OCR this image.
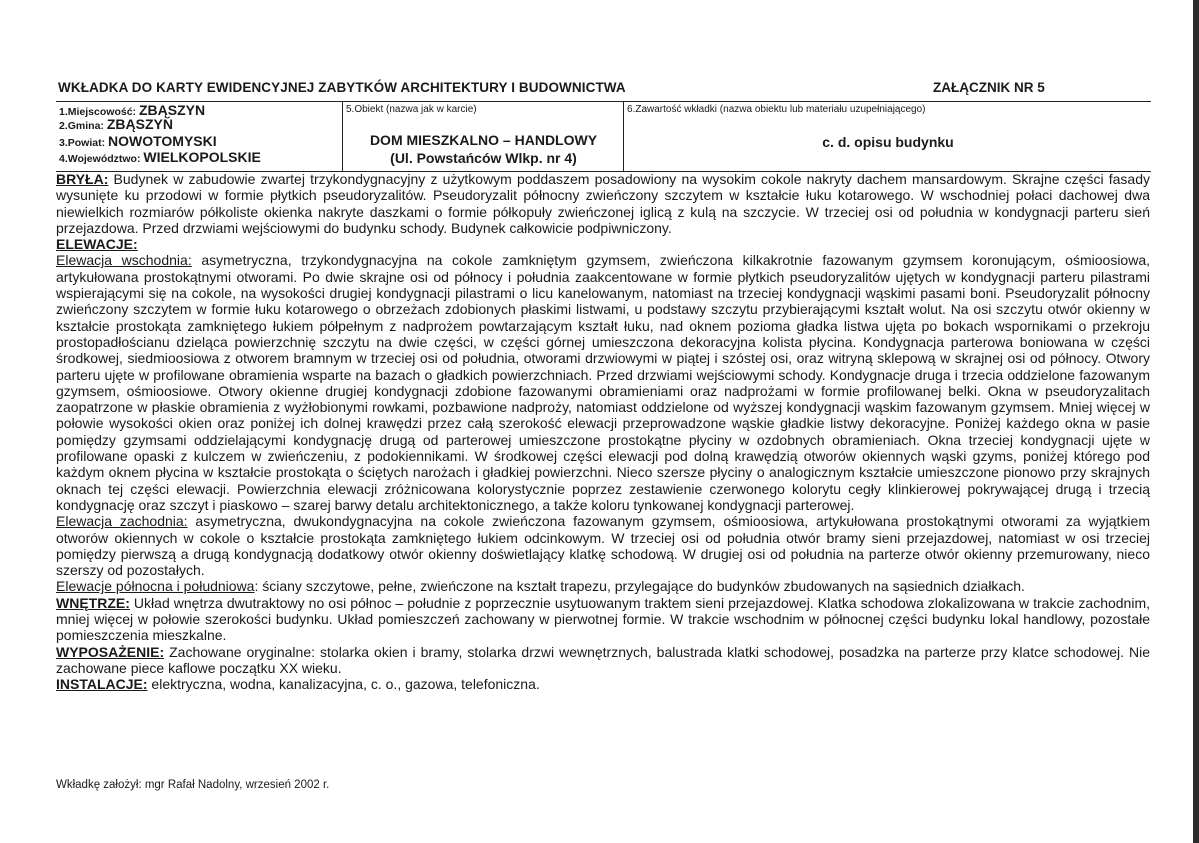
WKŁADKA DO KARTY EWIDENCYJNEJ ZABYTKÓW ARCHITEKTURY I BUDOWNICTWA	ZAŁĄCZNIK NR 5
1.Miejscowość: ZBĄSZYN
2.Gmina: ZBĄSZYŃ
3.Powiat: NOWOTOMYSKI
4.Województwo: WIELKOPOLSKIE
5.Obiekt (nazwa jak w karcie)
DOM MIESZKALNO – HANDLOWY
(Ul. Powstańców Wlkp. nr 4)
6.Zawartość wkładki (nazwa obiektu lub materiału uzupełniającego)
c. d. opisu budynku

BRYŁA: Budynek w zabudowie zwartej trzykondygnacyjny z użytkowym poddaszem posadowiony na wysokim cokole nakryty dachem mansardowym. Skrajne części fasady wysunięte ku przodowi w formie płytkich pseudoryzalitów. Pseudoryzalit północny zwieńczony szczytem w kształcie łuku kotarowego. W wschodniej połaci dachowej dwa niewielkich rozmiarów półkoliste okienka nakryte daszkami o formie półkopuły zwieńczonej iglicą z kulą na szczycie. W trzeciej osi od południa w kondygnacji parteru sień przejazdowa. Przed drzwiami wejściowymi do budynku schody. Budynek całkowicie podpiwniczony.

ELEWACJE:

Elewacja wschodnia: asymetryczna, trzykondygnacyjna na cokole zamkniętym gzymsem, zwieńczona kilkakrotnie fazowanym gzymsem koronującym, ośmioosiowa, artykułowana prostokątnymi otworami. Po dwie skrajne osi od północy i południa zaakcentowane w formie płytkich pseudoryzalitów ujętych w kondygnacji parteru pilastrami wspierającymi się na cokole, na wysokości drugiej kondygnacji pilastrami o licu kanelowanym, natomiast na trzeciej kondygnacji wąskimi pasami boni. Pseudoryzalit północny zwieńczony szczytem w formie łuku kotarowego o obrzeżach zdobionych płaskimi listwami, u podstawy szczytu przybierającymi kształt wolut. Na osi szczytu otwór okienny w kształcie prostokąta zamkniętego łukiem półpełnym z nadprożem powtarzającym kształt łuku, nad oknem pozioma gładka listwa ujęta po bokach wspornikami o przekroju prostopadłościanu dzieląca powierzchnię szczytu na dwie części, w części górnej umieszczona dekoracyjna kolista płycina. Kondygnacja parterowa boniowana w części środkowej, siedmioosiowa z otworem bramnym w trzeciej osi od południa, otworami drzwiowymi w piątej i szóstej osi, oraz witryną sklepową w skrajnej osi od północy. Otwory parteru ujęte w profilowane obramienia wsparte na bazach o gładkich powierzchniach. Przed drzwiami wejściowymi schody. Kondygnacje druga i trzecia oddzielone fazowanym gzymsem, ośmioosiowe. Otwory okienne drugiej kondygnacji zdobione fazowanymi obramieniami oraz nadprożami w formie profilowanej belki. Okna w pseudoryzalitach zaopatrzone w płaskie obramienia z wyżłobionymi rowkami, pozbawione nadproży, natomiast oddzielone od wyższej kondygnacji wąskim fazowanym gzymsem. Mniej więcej w połowie wysokości okien oraz poniżej ich dolnej krawędzi przez całą szerokość elewacji przeprowadzone wąskie gładkie listwy dekoracyjne. Poniżej każdego okna w pasie pomiędzy gzymsami oddzielającymi kondygnację drugą od parterowej umieszczone prostokątne płyciny w ozdobnych obramieniach. Okna trzeciej kondygnacji ujęte w profilowane opaski z kulczem w zwieńczeniu, z podokiennikami. W środkowej części elewacji pod dolną krawędzią otworów okiennych wąski gzyms, poniżej którego pod każdym oknem płycina w kształcie prostokąta o ściętych narożach i gładkiej powierzchni. Nieco szersze płyciny o analogicznym kształcie umieszczone pionowo przy skrajnych oknach tej części elewacji. Powierzchnia elewacji zróżnicowana kolorystycznie poprzez zestawienie czerwonego kolorytu cegły klinkierowej pokrywającej drugą i trzecią kondygnację oraz szczyt i piaskowo – szarej barwy detalu architektonicznego, a także koloru tynkowanej kondygnacji parterowej.

Elewacja zachodnia: asymetryczna, dwukondygnacyjna na cokole zwieńczona fazowanym gzymsem, ośmioosiowa, artykułowana prostokątnymi otworami za wyjątkiem otworów okiennych w cokole o kształcie prostokąta zamkniętego łukiem odcinkowym. W trzeciej osi od południa otwór bramy sieni przejazdowej, natomiast w osi trzeciej pomiędzy pierwszą a drugą kondygnacją dodatkowy otwór okienny doświetlający klatkę schodową. W drugiej osi od południa na parterze otwór okienny przemurowany, nieco szerszy od pozostałych.

Elewacje północna i południowa: ściany szczytowe, pełne, zwieńczone na kształt trapezu, przylegające do budynków zbudowanych na sąsiednich działkach.

WNĘTRZE: Układ wnętrza dwutraktowy no osi północ – południe z poprzecznie usytuowanym traktem sieni przejazdowej. Klatka schodowa zlokalizowana w trakcie zachodnim, mniej więcej w połowie szerokości budynku. Układ pomieszczeń zachowany w pierwotnej formie. W trakcie wschodnim w północnej części budynku lokal handlowy, pozostałe pomieszczenia mieszkalne.

WYPOSAŻENIE: Zachowane oryginalne: stolarka okien i bramy, stolarka drzwi wewnętrznych, balustrada klatki schodowej, posadzka na parterze przy klatce schodowej. Nie zachowane piece kaflowe początku XX wieku.

INSTALACJE: elektryczna, wodna, kanalizacyjna, c. o., gazowa, telefoniczna.

Wkładkę założył: mgr Rafał Nadolny, wrzesień 2002 r.
